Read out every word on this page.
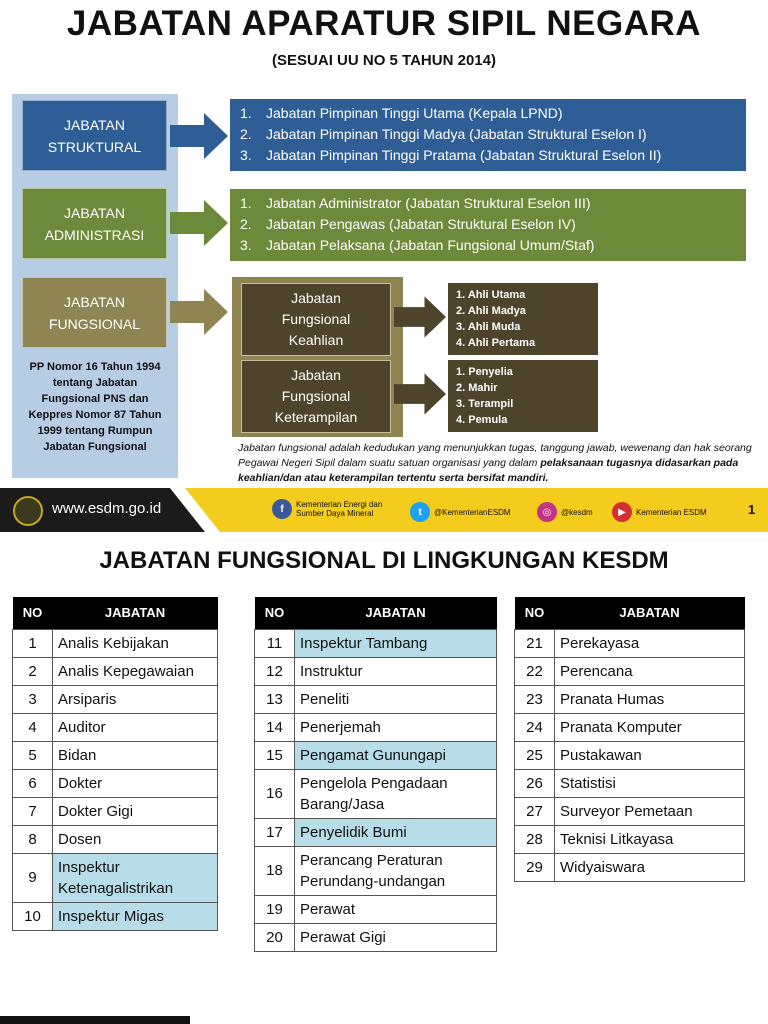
JABATAN APARATUR SIPIL NEGARA
(SESUAI UU NO 5 TAHUN 2014)
JABATAN
STRUKTURAL
JABATAN
ADMINISTRASI
JABATAN
FUNGSIONAL
1. Jabatan Pimpinan Tinggi Utama (Kepala LPND)
2. Jabatan Pimpinan Tinggi Madya (Jabatan Struktural Eselon I)
3. Jabatan Pimpinan Tinggi Pratama (Jabatan Struktural Eselon II)
1. Jabatan Administrator (Jabatan Struktural Eselon III)
2. Jabatan Pengawas (Jabatan Struktural Eselon IV)
3. Jabatan Pelaksana (Jabatan Fungsional Umum/Staf)
Jabatan
Fungsional
Keahlian
Jabatan
Fungsional
Keterampilan
1. Ahli Utama
2. Ahli Madya
3. Ahli Muda
4. Ahli Pertama
1. Penyelia
2. Mahir
3. Terampil
4. Pemula
PP Nomor 16 Tahun 1994 tentang Jabatan Fungsional PNS dan Keppres Nomor 87 Tahun 1999 tentang Rumpun Jabatan Fungsional	Jabatan fungsional adalah kedudukan yang menunjukkan tugas, tanggung jawab, wewenang dan hak seorang Pegawai Negeri Sipil dalam suatu satuan organisasi yang dalam pelaksanaan tugasnya didasarkan pada keahlian/dan atau keterampilan tertentu serta bersifat mandiri.
www.esdm.go.id	f	Kementerian Energi dan
Sumber Daya Mineral	t	@KementerianESDM	◎	@kesdm	▶	Kementerian ESDM	1
JABATAN FUNGSIONAL DI LINGKUNGAN KESDM
NO	JABATAN
1	Analis Kebijakan
2	Analis Kepegawaian
3	Arsiparis
4	Auditor
5	Bidan
6	Dokter
7	Dokter Gigi
8	Dosen
9	Inspektur Ketenagalistrikan
10	Inspektur Migas
NO	JABATAN
11	Inspektur Tambang
12	Instruktur
13	Peneliti
14	Penerjemah
15	Pengamat Gunungapi
16	Pengelola Pengadaan Barang/Jasa
17	Penyelidik Bumi
18	Perancang Peraturan Perundang-undangan
19	Perawat
20	Perawat Gigi
NO	JABATAN
21	Perekayasa
22	Perencana
23	Pranata Humas
24	Pranata Komputer
25	Pustakawan
26	Statistisi
27	Surveyor Pemetaan
28	Teknisi Litkayasa
29	Widyaiswara
